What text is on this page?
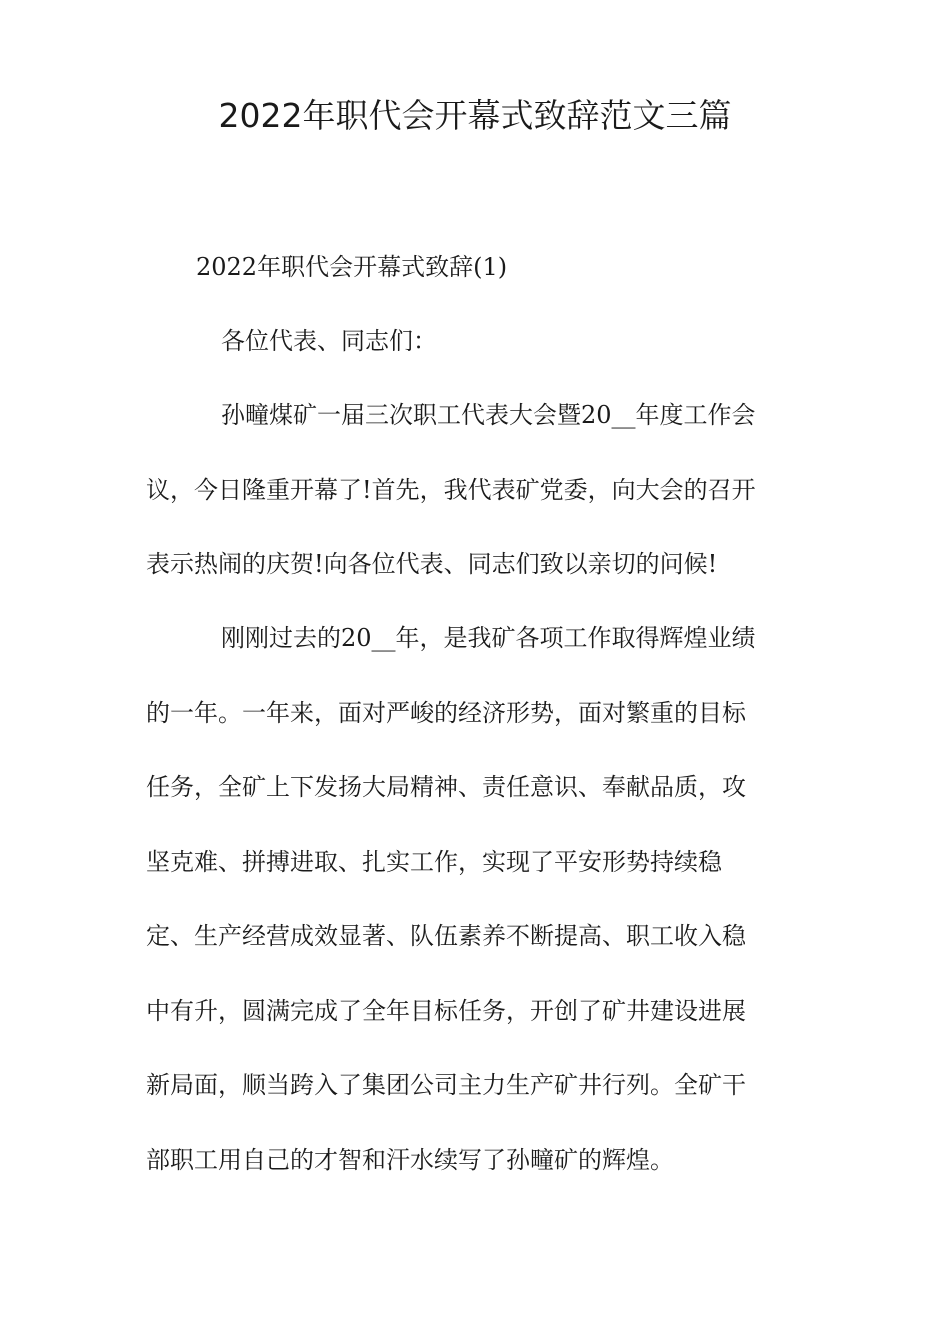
2022年职代会开幕式致辞范文三篇

2022年职代会开幕式致辞(1)

各位代表、同志们：

孙疃煤矿一届三次职工代表大会暨20__年度工作会

议，今日隆重开幕了!首先，我代表矿党委，向大会的召开

表示热闹的庆贺!向各位代表、同志们致以亲切的问候!

刚刚过去的20__年，是我矿各项工作取得辉煌业绩

的一年。一年来，面对严峻的经济形势，面对繁重的目标

任务，全矿上下发扬大局精神、责任意识、奉献品质，攻

坚克难、拼搏进取、扎实工作，实现了平安形势持续稳

定、生产经营成效显著、队伍素养不断提高、职工收入稳

中有升，圆满完成了全年目标任务，开创了矿井建设进展

新局面，顺当跨入了集团公司主力生产矿井行列。全矿干

部职工用自己的才智和汗水续写了孙疃矿的辉煌。
